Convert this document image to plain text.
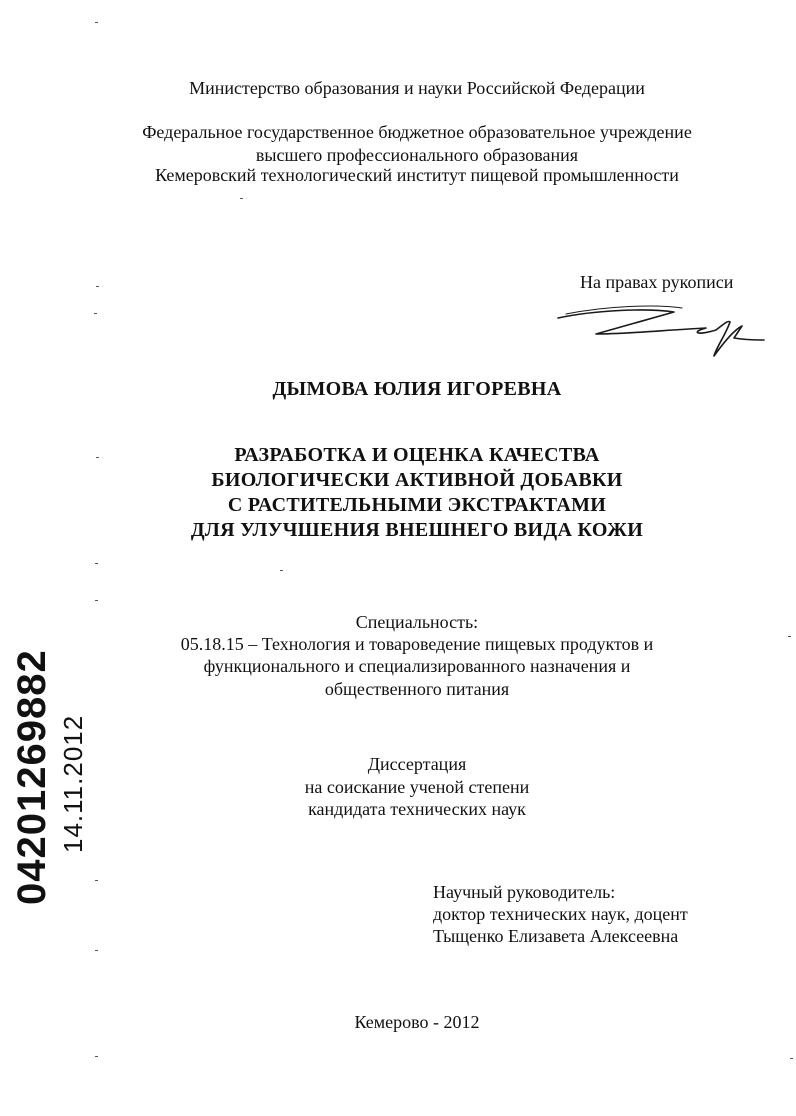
Министерство образования и науки Российской Федерации
Федеральное государственное бюджетное образовательное учреждение
высшего профессионального образования
Кемеровский технологический институт пищевой промышленности
На правах рукописи
ДЫМОВА ЮЛИЯ ИГОРЕВНА
РАЗРАБОТКА И ОЦЕНКА КАЧЕСТВА
БИОЛОГИЧЕСКИ АКТИВНОЙ ДОБАВКИ
С РАСТИТЕЛЬНЫМИ ЭКСТРАКТАМИ
ДЛЯ УЛУЧШЕНИЯ ВНЕШНЕГО ВИДА КОЖИ
Специальность:
05.18.15 – Технология и товароведение пищевых продуктов и
функционального и специализированного назначения и
общественного питания
Диссертация
на соискание ученой степени
кандидата технических наук
Научный руководитель:
доктор технических наук, доцент
Тыщенко Елизавета Алексеевна
Кемерово - 2012
04201269882 14.11.2012
